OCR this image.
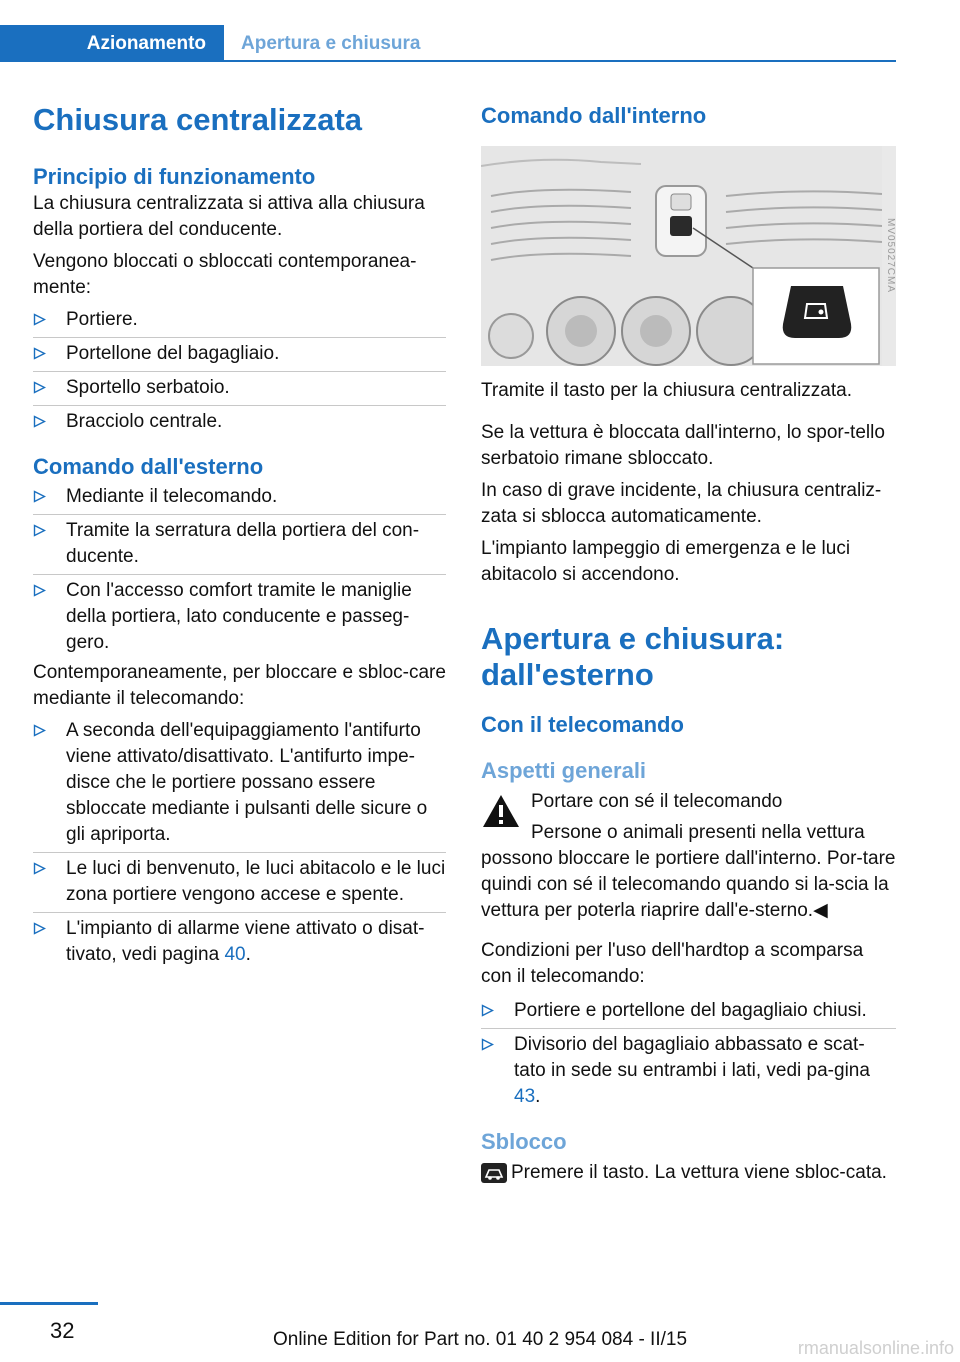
Azionamento	Apertura e chiusura
Chiusura centralizzata
Principio di funzionamento

La chiusura centralizzata si attiva alla chiusura della portiera del conducente.

Vengono bloccati o sbloccati contemporanea‐mente:

Portiere.
Portellone del bagagliaio.
Sportello serbatoio.
Bracciolo centrale.
Comando dall'esterno
Mediante il telecomando.
Tramite la serratura della portiera del con‐ducente.
Con l'accesso comfort tramite le maniglie della portiera, lato conducente e passeg‐gero.

Contemporaneamente, per bloccare e sbloc‐care mediante il telecomando:

A seconda dell'equipaggiamento l'antifurto viene attivato/disattivato. L'antifurto impe‐disce che le portiere possano essere sbloccate mediante i pulsanti delle sicure o gli apriporta.
Le luci di benvenuto, le luci abitacolo e le luci zona portiere vengono accese e spente.
L'impianto di allarme viene attivato o disat‐tivato, vedi pagina 40.
Comando dall'interno
MV05027CMA

Tramite il tasto per la chiusura centralizzata.

Se la vettura è bloccata dall'interno, lo spor‐tello serbatoio rimane sbloccato.

In caso di grave incidente, la chiusura centraliz‐zata si sblocca automaticamente.

L'impianto lampeggio di emergenza e le luci abitacolo si accendono.

Apertura e chiusura: dall'esterno
Con il telecomando
Aspetti generali

Portare con sé il telecomando

Persone o animali presenti nella vettura

possono bloccare le portiere dall'interno. Por‐tare quindi con sé il telecomando quando si la‐scia la vettura per poterla riaprire dall'e‐sterno.◀

Condizioni per l'uso dell'hardtop a scomparsa con il telecomando:

Portiere e portellone del bagagliaio chiusi.
Divisorio del bagagliaio abbassato e scat‐tato in sede su entrambi i lati, vedi pa‐gina 43.
Sblocco

Premere il tasto. La vettura viene sbloc‐cata.

32	Online Edition for Part no. 01 40 2 954 084 - II/15	rmanualsonline.info
